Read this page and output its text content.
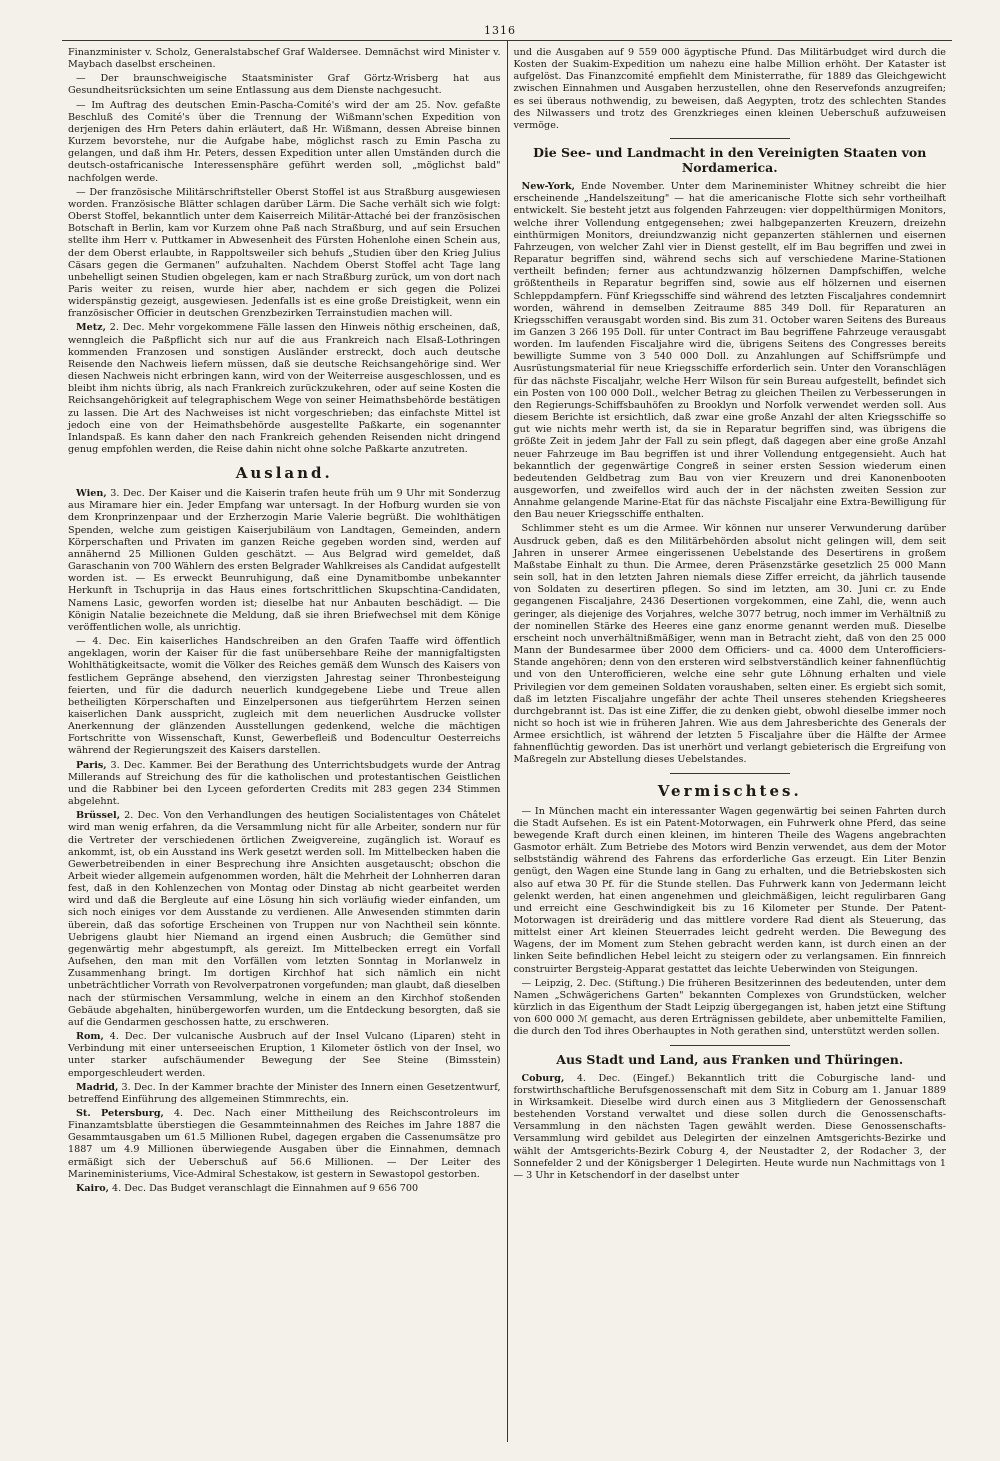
1316

Finanzminister v. Scholz, Generalstabschef Graf Waldersee. Demnächst wird Minister v. Maybach daselbst erscheinen.

— Der braunschweigische Staatsminister Graf Görtz-Wrisberg hat aus Gesundheitsrücksichten um seine Entlassung aus dem Dienste nachgesucht.

— Im Auftrag des deutschen Emin-Pascha-Comité's wird der am 25. Nov. gefaßte Beschluß des Comité's über die Trennung der Wißmann'schen Expedition von derjenigen des Hrn Peters dahin erläutert, daß Hr. Wißmann, dessen Abreise binnen Kurzem bevorstehe, nur die Aufgabe habe, möglichst rasch zu Emin Pascha zu gelangen, und daß ihm Hr. Peters, dessen Expedition unter allen Umständen durch die deutsch-ostafricanische Interessensphäre geführt werden soll, „möglichst bald" nachfolgen werde.

— Der französische Militärschriftsteller Oberst Stoffel ist aus Straßburg ausgewiesen worden. Französische Blätter schlagen darüber Lärm. Die Sache verhält sich wie folgt: Oberst Stoffel, bekanntlich unter dem Kaiserreich Militär-Attaché bei der französischen Botschaft in Berlin, kam vor Kurzem ohne Paß nach Straßburg, und auf sein Ersuchen stellte ihm Herr v. Puttkamer in Abwesenheit des Fürsten Hohenlohe einen Schein aus, der dem Oberst erlaubte, in Rappoltsweiler sich behufs „Studien über den Krieg Julius Cäsars gegen die Germanen" aufzuhalten. Nachdem Oberst Stoffel acht Tage lang unbehelligt seinen Studien obgelegen, kam er nach Straßburg zurück, um von dort nach Paris weiter zu reisen, wurde hier aber, nachdem er sich gegen die Polizei widerspänstig gezeigt, ausgewiesen. Jedenfalls ist es eine große Dreistigkeit, wenn ein französischer Officier in deutschen Grenzbezirken Terrainstudien machen will.

Metz, 2. Dec. Mehr vorgekommene Fälle lassen den Hinweis nöthig erscheinen, daß, wenngleich die Paßpflicht sich nur auf die aus Frankreich nach Elsaß-Lothringen kommenden Franzosen und sonstigen Ausländer erstreckt, doch auch deutsche Reisende den Nachweis liefern müssen, daß sie deutsche Reichsangehörige sind. Wer diesen Nachweis nicht erbringen kann, wird von der Weiterreise ausgeschlossen, und es bleibt ihm nichts übrig, als nach Frankreich zurückzukehren, oder auf seine Kosten die Reichsangehörigkeit auf telegraphischem Wege von seiner Heimathsbehörde bestätigen zu lassen. Die Art des Nachweises ist nicht vorgeschrieben; das einfachste Mittel ist jedoch eine von der Heimathsbehörde ausgestellte Paßkarte, ein sogenannter Inlandspaß. Es kann daher den nach Frankreich gehenden Reisenden nicht dringend genug empfohlen werden, die Reise dahin nicht ohne solche Paßkarte anzutreten.

Ausland.

Wien, 3. Dec. Der Kaiser und die Kaiserin trafen heute früh um 9 Uhr mit Sonderzug aus Miramare hier ein. Jeder Empfang war untersagt. In der Hofburg wurden sie von dem Kronprinzenpaar und der Erzherzogin Marie Valerie begrüßt. Die wohlthätigen Spenden, welche zum geistigen Kaiserjubiläum von Landtagen, Gemeinden, andern Körperschaften und Privaten im ganzen Reiche gegeben worden sind, werden auf annähernd 25 Millionen Gulden geschätzt. — Aus Belgrad wird gemeldet, daß Garaschanin von 700 Wählern des ersten Belgrader Wahlkreises als Candidat aufgestellt worden ist. — Es erweckt Beunruhigung, daß eine Dynamitbombe unbekannter Herkunft in Tschuprija in das Haus eines fortschrittlichen Skupschtina-Candidaten, Namens Lasic, geworfen worden ist; dieselbe hat nur Anbauten beschädigt. — Die Königin Natalie bezeichnete die Meldung, daß sie ihren Briefwechsel mit dem Könige veröffentlichen wolle, als unrichtig.

— 4. Dec. Ein kaiserliches Handschreiben an den Grafen Taaffe wird öffentlich angeklagen, worin der Kaiser für die fast unübersehbare Reihe der mannigfaltigsten Wohlthätigkeitsacte, womit die Völker des Reiches gemäß dem Wunsch des Kaisers von festlichem Gepränge absehend, den vierzigsten Jahrestag seiner Thronbesteigung feierten, und für die dadurch neuerlich kundgegebene Liebe und Treue allen betheiligten Körperschaften und Einzelpersonen aus tiefgerührtem Herzen seinen kaiserlichen Dank ausspricht, zugleich mit dem neuerlichen Ausdrucke vollster Anerkennung der glänzenden Ausstellungen gedenkend, welche die mächtigen Fortschritte von Wissenschaft, Kunst, Gewerbefleiß und Bodencultur Oesterreichs während der Regierungszeit des Kaisers darstellen.

Paris, 3. Dec. Kammer. Bei der Berathung des Unterrichtsbudgets wurde der Antrag Millerands auf Streichung des für die katholischen und protestantischen Geistlichen und die Rabbiner bei den Lyceen geforderten Credits mit 283 gegen 234 Stimmen abgelehnt.

Brüssel, 2. Dec. Von den Verhandlungen des heutigen Socialistentages von Châtelet wird man wenig erfahren, da die Versammlung nicht für alle Arbeiter, sondern nur für die Vertreter der verschiedenen örtlichen Zweigvereine, zugänglich ist. Worauf es ankommt, ist, ob ein Ausstand ins Werk gesetzt werden soll. Im Mittelbecken haben die Gewerbetreibenden in einer Besprechung ihre Ansichten ausgetauscht; obschon die Arbeit wieder allgemein aufgenommen worden, hält die Mehrheit der Lohnherren daran fest, daß in den Kohlenzechen von Montag oder Dinstag ab nicht gearbeitet werden wird und daß die Bergleute auf eine Lösung hin sich vorläufig wieder einfanden, um sich noch einiges vor dem Ausstande zu verdienen. Alle Anwesenden stimmten darin überein, daß das sofortige Erscheinen von Truppen nur von Nachtheil sein könnte. Uebrigens glaubt hier Niemand an irgend einen Ausbruch; die Gemüther sind gegenwärtig mehr abgestumpft, als gereizt. Im Mittelbecken erregt ein Vorfall Aufsehen, den man mit den Vorfällen vom letzten Sonntag in Morlanwelz in Zusammenhang bringt. Im dortigen Kirchhof hat sich nämlich ein nicht unbeträchtlicher Vorrath von Revolverpatronen vorgefunden; man glaubt, daß dieselben nach der stürmischen Versammlung, welche in einem an den Kirchhof stoßenden Gebäude abgehalten, hinübergeworfen wurden, um die Entdeckung besorgten, daß sie auf die Gendarmen geschossen hatte, zu erschweren.

Rom, 4. Dec. Der vulcanische Ausbruch auf der Insel Vulcano (Liparen) steht in Verbindung mit einer unterseeischen Eruption, 1 Kilometer östlich von der Insel, wo unter starker aufschäumender Bewegung der See Steine (Bimsstein) emporgeschleudert werden.

Madrid, 3. Dec. In der Kammer brachte der Minister des Innern einen Gesetzentwurf, betreffend Einführung des allgemeinen Stimmrechts, ein.

St. Petersburg, 4. Dec. Nach einer Mittheilung des Reichscontroleurs im Finanzamtsblatte überstiegen die Gesammteinnahmen des Reiches im Jahre 1887 die Gesammtausgaben um 61.5 Millionen Rubel, dagegen ergaben die Cassenumsätze pro 1887 um 4.9 Millionen überwiegende Ausgaben über die Einnahmen, demnach ermäßigt sich der Ueberschuß auf 56.6 Millionen. — Der Leiter des Marineministeriums, Vice-Admiral Schestakow, ist gestern in Sewastopol gestorben.

Kairo, 4. Dec. Das Budget veranschlagt die Einnahmen auf 9 656 700

und die Ausgaben auf 9 559 000 ägyptische Pfund. Das Militärbudget wird durch die Kosten der Suakim-Expedition um nahezu eine halbe Million erhöht. Der Kataster ist aufgelöst. Das Finanzcomité empfiehlt dem Ministerrathe, für 1889 das Gleichgewicht zwischen Einnahmen und Ausgaben herzustellen, ohne den Reservefonds anzugreifen; es sei überaus nothwendig, zu beweisen, daß Aegypten, trotz des schlechten Standes des Nilwassers und trotz des Grenzkrieges einen kleinen Ueberschuß aufzuweisen vermöge.

Die See- und Landmacht in den Vereinigten Staaten von Nordamerica.

New-York, Ende November. Unter dem Marineminister Whitney schreibt die hier erscheinende „Handelszeitung" — hat die americanische Flotte sich sehr vortheilhaft entwickelt. Sie besteht jetzt aus folgenden Fahrzeugen: vier doppelthürmigen Monitors, welche ihrer Vollendung entgegensehen; zwei halbgepanzerten Kreuzern, dreizehn einthürmigen Monitors, dreiundzwanzig nicht gepanzerten stählernen und eisernen Fahrzeugen, von welcher Zahl vier in Dienst gestellt, elf im Bau begriffen und zwei in Reparatur begriffen sind, während sechs sich auf verschiedene Marine-Stationen vertheilt befinden; ferner aus achtundzwanzig hölzernen Dampfschiffen, welche größtentheils in Reparatur begriffen sind, sowie aus elf hölzernen und eisernen Schleppdampfern. Fünf Kriegsschiffe sind während des letzten Fiscaljahres condemnirt worden, während in demselben Zeitraume 885 349 Doll. für Reparaturen an Kriegsschiffen verausgabt worden sind. Bis zum 31. October waren Seitens des Bureaus im Ganzen 3 266 195 Doll. für unter Contract im Bau begriffene Fahrzeuge verausgabt worden. Im laufenden Fiscaljahre wird die, übrigens Seitens des Congresses bereits bewilligte Summe von 3 540 000 Doll. zu Anzahlungen auf Schiffsrümpfe und Ausrüstungsmaterial für neue Kriegsschiffe erforderlich sein. Unter den Voranschlägen für das nächste Fiscaljahr, welche Herr Wilson für sein Bureau aufgestellt, befindet sich ein Posten von 100 000 Doll., welcher Betrag zu gleichen Theilen zu Verbesserungen in den Regierungs-Schiffsbauhöfen zu Brooklyn und Norfolk verwendet werden soll. Aus diesem Berichte ist ersichtlich, daß zwar eine große Anzahl der alten Kriegsschiffe so gut wie nichts mehr werth ist, da sie in Reparatur begriffen sind, was übrigens die größte Zeit in jedem Jahr der Fall zu sein pflegt, daß dagegen aber eine große Anzahl neuer Fahrzeuge im Bau begriffen ist und ihrer Vollendung entgegensieht. Auch hat bekanntlich der gegenwärtige Congreß in seiner ersten Session wiederum einen bedeutenden Geldbetrag zum Bau von vier Kreuzern und drei Kanonenbooten ausgeworfen, und zweifellos wird auch der in der nächsten zweiten Session zur Annahme gelangende Marine-Etat für das nächste Fiscaljahr eine Extra-Bewilligung für den Bau neuer Kriegsschiffe enthalten.

Schlimmer steht es um die Armee. Wir können nur unserer Verwunderung darüber Ausdruck geben, daß es den Militärbehörden absolut nicht gelingen will, dem seit Jahren in unserer Armee eingerissenen Uebelstande des Desertirens in großem Maßstabe Einhalt zu thun. Die Armee, deren Präsenzstärke gesetzlich 25 000 Mann sein soll, hat in den letzten Jahren niemals diese Ziffer erreicht, da jährlich tausende von Soldaten zu desertiren pflegen. So sind im letzten, am 30. Juni cr. zu Ende gegangenen Fiscaljahre, 2436 Desertionen vorgekommen, eine Zahl, die, wenn auch geringer, als diejenige des Vorjahres, welche 3077 betrug, noch immer im Verhältniß zu der nominellen Stärke des Heeres eine ganz enorme genannt werden muß. Dieselbe erscheint noch unverhältnißmäßiger, wenn man in Betracht zieht, daß von den 25 000 Mann der Bundesarmee über 2000 dem Officiers- und ca. 4000 dem Unterofficiers-Stande angehören; denn von den ersteren wird selbstverständlich keiner fahnenflüchtig und von den Unterofficieren, welche eine sehr gute Löhnung erhalten und viele Privilegien vor dem gemeinen Soldaten voraushaben, selten einer. Es ergiebt sich somit, daß im letzten Fiscaljahre ungefähr der achte Theil unseres stehenden Kriegsheeres durchgebrannt ist. Das ist eine Ziffer, die zu denken giebt, obwohl dieselbe immer noch nicht so hoch ist wie in früheren Jahren. Wie aus dem Jahresberichte des Generals der Armee ersichtlich, ist während der letzten 5 Fiscaljahre über die Hälfte der Armee fahnenflüchtig geworden. Das ist unerhört und verlangt gebieterisch die Ergreifung von Maßregeln zur Abstellung dieses Uebelstandes.

Vermischtes.

— In München macht ein interessanter Wagen gegenwärtig bei seinen Fahrten durch die Stadt Aufsehen. Es ist ein Patent-Motorwagen, ein Fuhrwerk ohne Pferd, das seine bewegende Kraft durch einen kleinen, im hinteren Theile des Wagens angebrachten Gasmotor erhält. Zum Betriebe des Motors wird Benzin verwendet, aus dem der Motor selbstständig während des Fahrens das erforderliche Gas erzeugt. Ein Liter Benzin genügt, den Wagen eine Stunde lang in Gang zu erhalten, und die Betriebskosten sich also auf etwa 30 Pf. für die Stunde stellen. Das Fuhrwerk kann von Jedermann leicht gelenkt werden, hat einen angenehmen und gleichmäßigen, leicht regulirbaren Gang und erreicht eine Geschwindigkeit bis zu 16 Kilometer per Stunde. Der Patent-Motorwagen ist dreiräderig und das mittlere vordere Rad dient als Steuerung, das mittelst einer Art kleinen Steuerrades leicht gedreht werden. Die Bewegung des Wagens, der im Moment zum Stehen gebracht werden kann, ist durch einen an der linken Seite befindlichen Hebel leicht zu steigern oder zu verlangsamen. Ein finnreich construirter Bergsteig-Apparat gestattet das leichte Ueberwinden von Steigungen.

— Leipzig, 2. Dec. (Stiftung.) Die früheren Besitzerinnen des bedeutenden, unter dem Namen „Schwägerichens Garten" bekannten Complexes von Grundstücken, welcher kürzlich in das Eigenthum der Stadt Leipzig übergegangen ist, haben jetzt eine Stiftung von 600 000 ℳ gemacht, aus deren Erträgnissen gebildete, aber unbemittelte Familien, die durch den Tod ihres Oberhauptes in Noth gerathen sind, unterstützt werden sollen.

Aus Stadt und Land, aus Franken und Thüringen.

Coburg, 4. Dec. (Eingef.) Bekanntlich tritt die Coburgische land- und forstwirthschaftliche Berufsgenossenschaft mit dem Sitz in Coburg am 1. Januar 1889 in Wirksamkeit. Dieselbe wird durch einen aus 3 Mitgliedern der Genossenschaft bestehenden Vorstand verwaltet und diese sollen durch die Genossenschafts-Versammlung in den nächsten Tagen gewählt werden. Diese Genossenschafts-Versammlung wird gebildet aus Delegirten der einzelnen Amtsgerichts-Bezirke und wählt der Amtsgerichts-Bezirk Coburg 4, der Neustadter 2, der Rodacher 3, der Sonnefelder 2 und der Königsberger 1 Delegirten. Heute wurde nun Nachmittags von 1 — 3 Uhr in Ketschendorf in der daselbst unter
